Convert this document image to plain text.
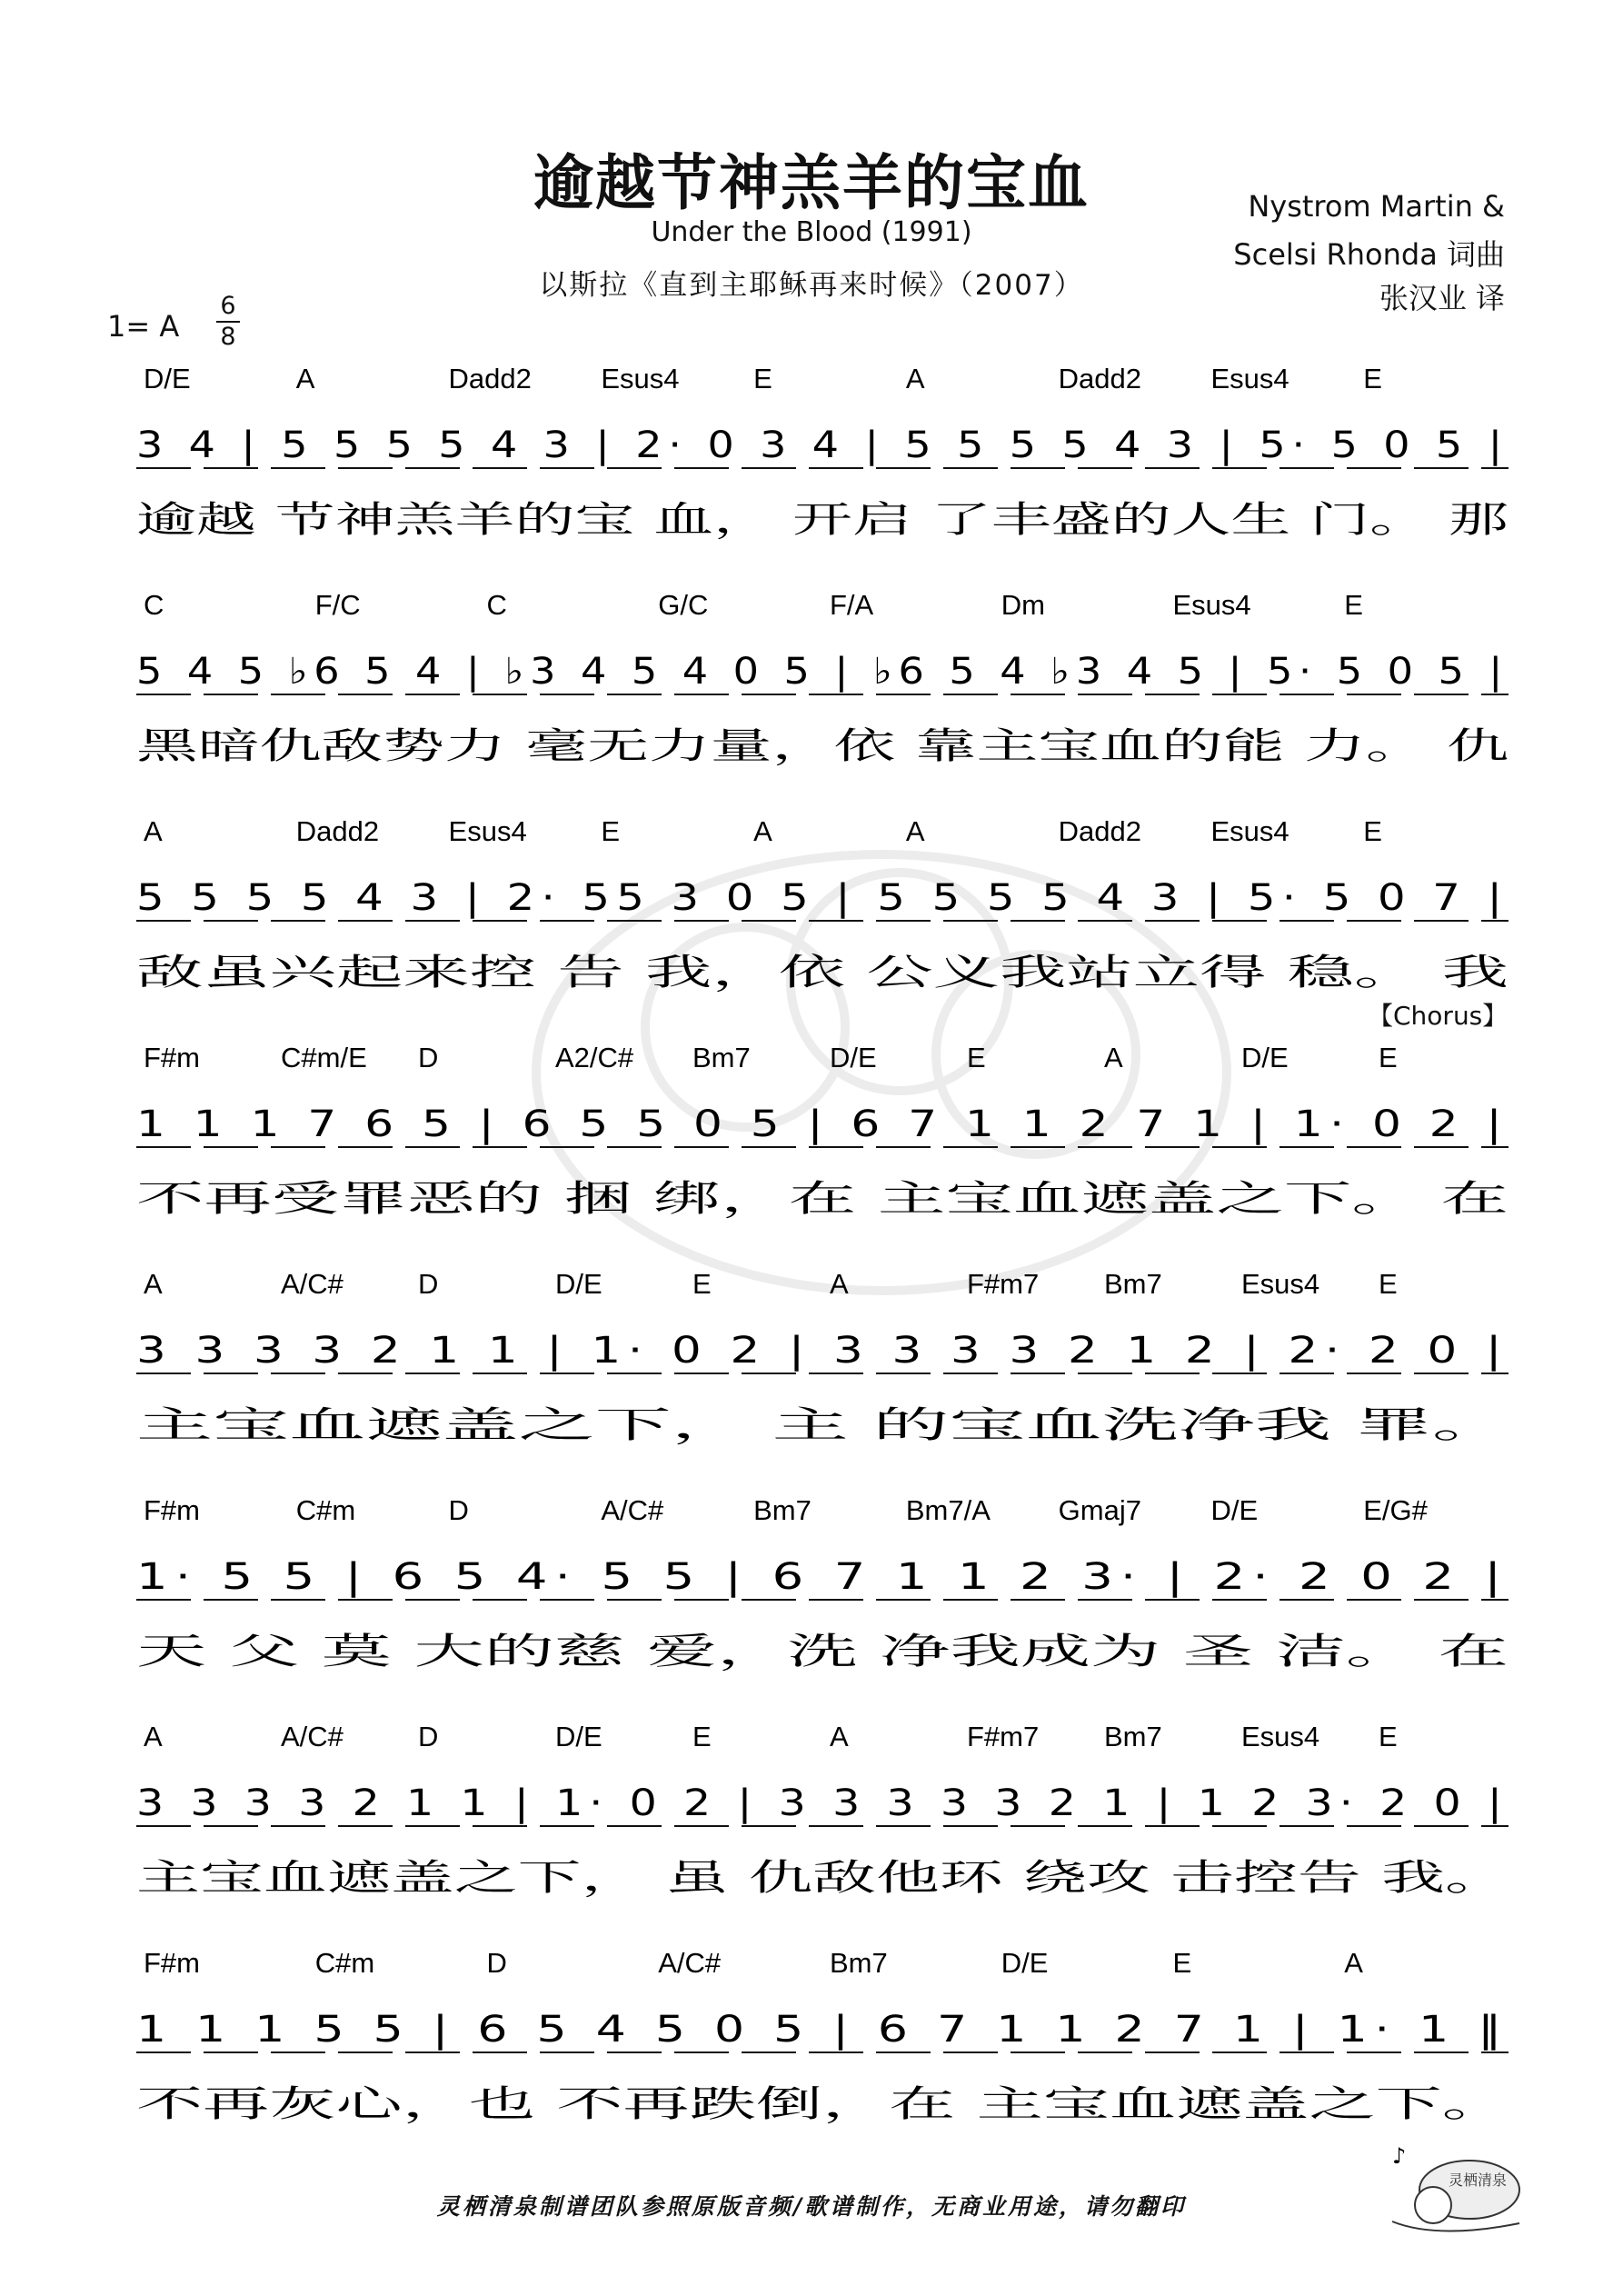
逾越节神羔羊的宝血
Under the Blood (1991)
以斯拉《直到主耶稣再来时候》（2007）
Nystrom Martin &
Scelsi Rhonda 词曲
张汉业 译
1= A
6
8
【Chorus】
D/E	A	Dadd2 Esus4	E	A	Dadd2 Esus4	E
3 4 | 5 5 5 5 4 3 | 2· 0 3 4 | 5 5 5 5 4 3 | 5· 5 0 5 |
逾越 节神羔羊的宝 血， 开启 了丰盛的人生 门。 那
C	F/C	C	G/C	F/A	Dm	Esus4	E
5 4 5 ♭6 5 4 | ♭3 4 5 4 0 5 | ♭6 5 4 ♭3 4 5 | 5· 5 0 5 |
黑暗仇敌势力 毫无力量，依 靠主宝血的能 力。 仇
A	Dadd2 Esus4	E	A	A	Dadd2 Esus4	E
5 5 5 5 4 3 | 2· 55 3 0 5 | 5 5 5 5 4 3 | 5· 5 0 7 |
敌虽兴起来控 告 我，依 公义我站立得 稳。 我
F#m	C#m/E D	A2/C# Bm7	D/E	E	A	D/E	E
1 1 1 7 6 5 | 6 5 5 0 5 | 6 7 1 1 2 7 1 | 1· 0 2 |
不再受罪恶的 捆 绑，在 主宝血遮盖之下。 在
A	A/C#	D	D/E	E	A	F#m7 Bm7	Esus4 E
3 3 3 3 2 1 1 | 1· 0 2 | 3 3 3 3 2 1 2 | 2· 2 0 |
主宝血遮盖之下， 主 的宝血洗净我 罪。
F#m	C#m	D	A/C#	Bm7	Bm7/A Gmaj7 D/E	E/G#
1· 5 5 | 6 5 4· 5 5 | 6 7 1 1 2 3· | 2· 2 0 2 |
天 父 莫 大的慈 爱，洗 净我成为 圣 洁。 在
A	A/C#	D	D/E	E	A	F#m7 Bm7	Esus4 E
3 3 3 3 2 1 1 | 1· 0 2 | 3 3 3 3 3 2 1 | 1 2 3· 2 0 |
主宝血遮盖之下， 虽 仇敌他环 绕攻 击控告 我。
F#m	C#m	D	A/C#	Bm7	D/E	E	A
1 1 1 5 5 | 6 5 4 5 0 5 | 6 7 1 1 2 7 1 | 1· 1 ‖
不再灰心，也 不再跌倒，在 主宝血遮盖之下。
灵栖清泉制谱团队参照原版音频/歌谱制作，无商业用途，请勿翻印
♪
灵栖清泉
